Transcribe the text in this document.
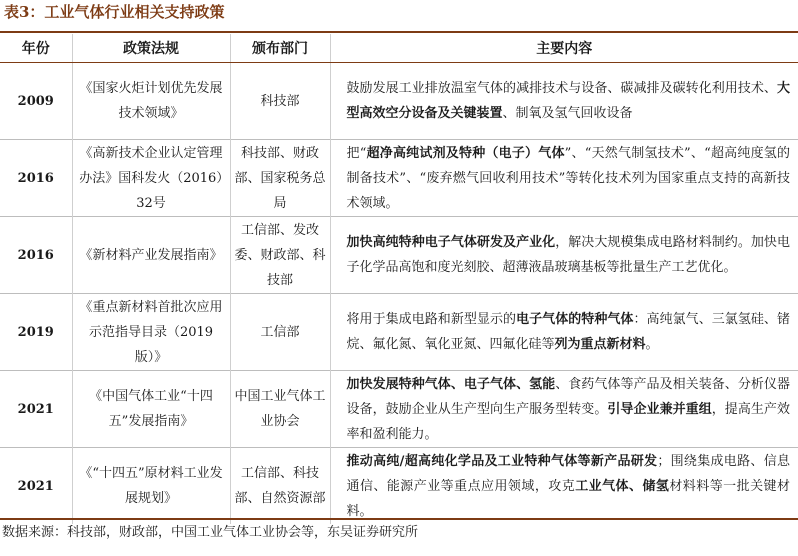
表3：工业气体行业相关支持政策
年份	政策法规	颁布部门	主要内容
2009	《国家火炬计划优先发展技术领域》	科技部	鼓励发展工业排放温室气体的减排技术与设备、碳减排及碳转化利用技术、大型高效空分设备及关键装置、制氧及氢气回收设备
2016	《高新技术企业认定管理办法》国科发火（2016）32号	科技部、财政部、国家税务总局	把“超净高纯试剂及特种（电子）气体”、“天然气制氢技术”、“超高纯度氢的制备技术”、“废弃燃气回收利用技术”等转化技术列为国家重点支持的高新技术领域。
2016	《新材料产业发展指南》	工信部、发改委、财政部、科技部	加快高纯特种电子气体研发及产业化，解决大规模集成电路材料制约。加快电子化学品高饱和度光刻胶、超薄液晶玻璃基板等批量生产工艺优化。
2019	《重点新材料首批次应用示范指导目录（2019版）》	工信部	将用于集成电路和新型显示的电子气体的特种气体：高纯氯气、三氯氢硅、锗烷、氟化氮、氧化亚氮、四氟化硅等列为重点新材料。
2021	《中国气体工业“十四五”发展指南》	中国工业气体工业协会	加快发展特种气体、电子气体、氢能、食药气体等产品及相关装备、分析仪器设备，鼓励企业从生产型向生产服务型转变。引导企业兼并重组，提高生产效率和盈利能力。
2021	《“十四五”原材料工业发展规划》	工信部、科技部、自然资源部	推动高纯/超高纯化学品及工业特种气体等新产品研发；围绕集成电路、信息通信、能源产业等重点应用领域，攻克工业气体、储氢材料料等一批关键材料。
数据来源：科技部，财政部，中国工业气体工业协会等，东吴证券研究所
